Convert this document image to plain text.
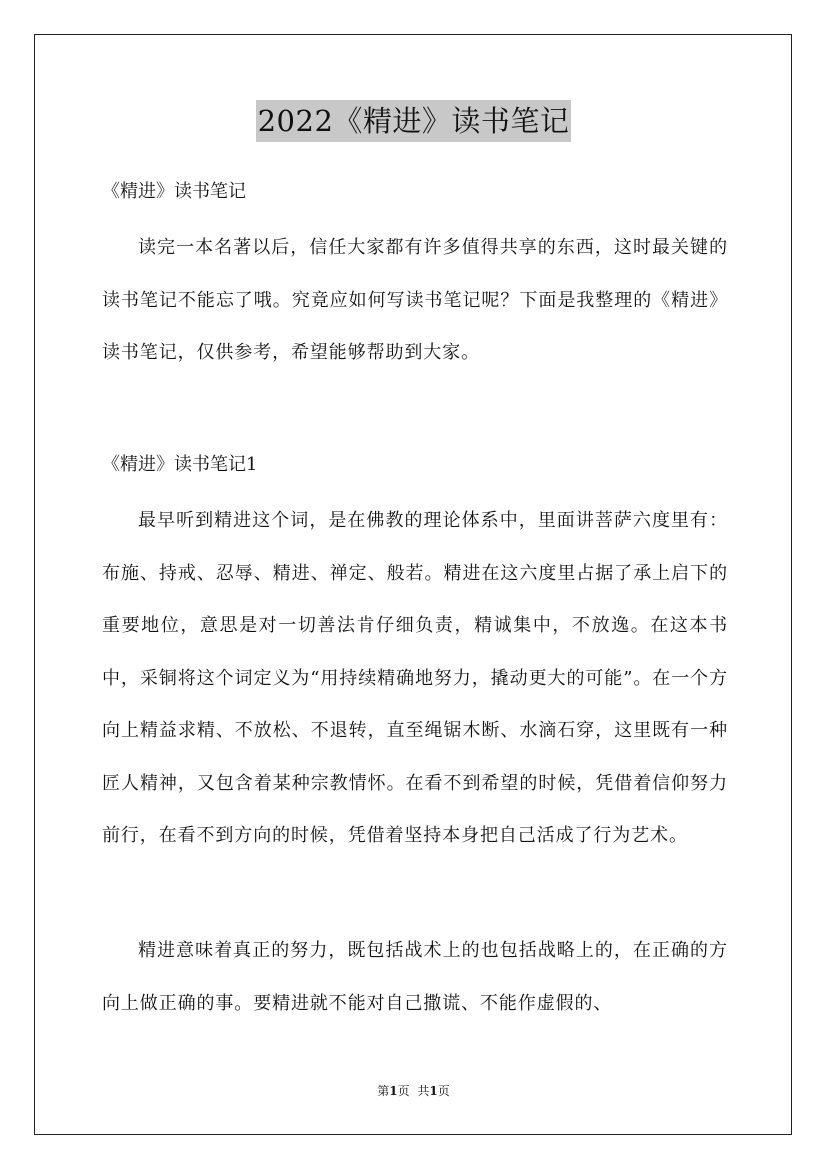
2022《精进》读书笔记
《精进》读书笔记

读完一本名著以后，信任大家都有许多值得共享的东西，这时最关键的读书笔记不能忘了哦。究竟应如何写读书笔记呢？下面是我整理的《精进》读书笔记，仅供参考，希望能够帮助到大家。

《精进》读书笔记1

最早听到精进这个词，是在佛教的理论体系中，里面讲菩萨六度里有：布施、持戒、忍辱、精进、禅定、般若。精进在这六度里占据了承上启下的重要地位，意思是对一切善法肯仔细负责，精诚集中，不放逸。在这本书中，采铜将这个词定义为“用持续精确地努力，撬动更大的可能”。在一个方向上精益求精、不放松、不退转，直至绳锯木断、水滴石穿，这里既有一种匠人精神，又包含着某种宗教情怀。在看不到希望的时候，凭借着信仰努力前行，在看不到方向的时候，凭借着坚持本身把自己活成了行为艺术。

精进意味着真正的努力，既包括战术上的也包括战略上的，在正确的方向上做正确的事。要精进就不能对自己撒谎、不能作虚假的、

第1页 共1页
